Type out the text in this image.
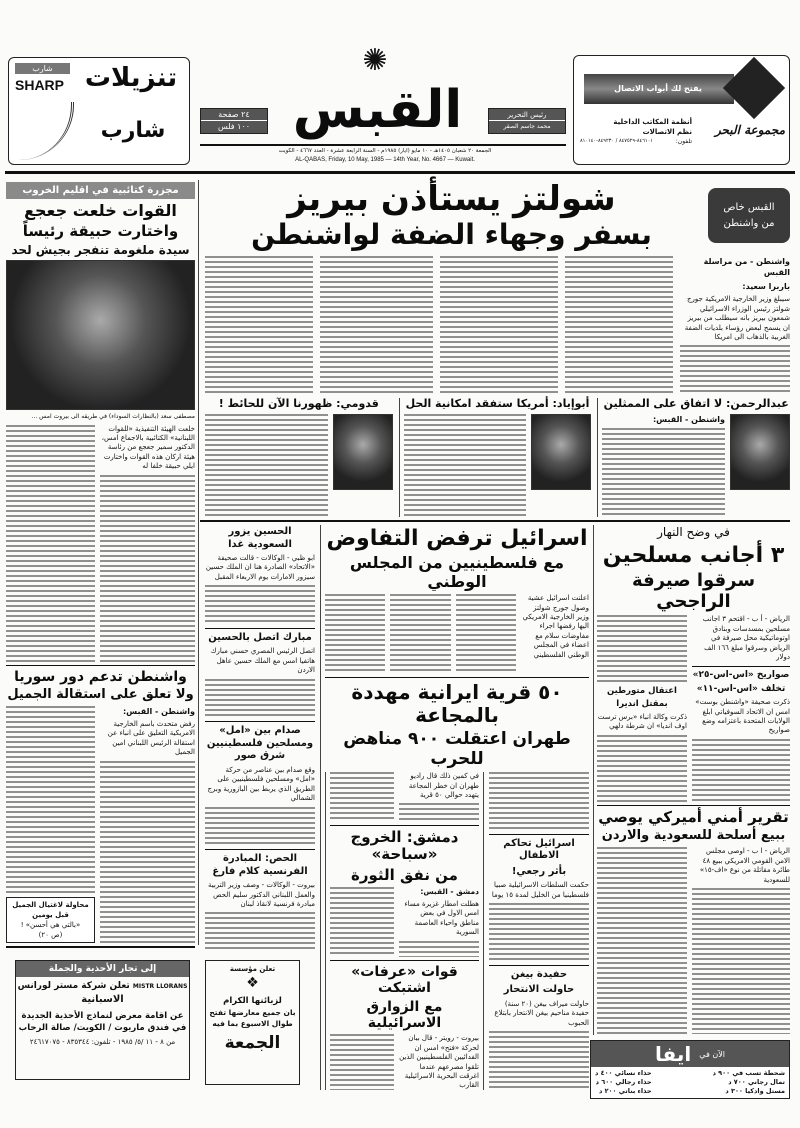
شارب
SHARP تنزيلات
شارب
٢٤ صفحة
١٠٠ فلس
✺
القبس	رئيس التحرير
محمد جاسم الصقر
الجمعة ٢٠ شعبان ١٤٠٥هـ - ١٠ مايو (ايار) ١٩٨٥م - السنة الرابعة عشرة - العدد ٤٦٦٧ - الكويت
AL-QABAS, Friday, 10 May, 1985 — 14th Year, No. 4667 — Kuwait.
يفتح لك أبواب الاتصال
مجموعة البحر
أنظمة المكاتب الداخلية
نظم الاتصالات
تلفون:
٨٤٦١٠١-٨٤٧٥٢٩ / ٨٤٩٢٣٠-٨١٠١٤٠
مجزرة كتائبية في اقليم الخروب
القوات خلعت جعجع
واختارت حبيقة رئيساً
سيدة ملغومة تنفجر بجيش لحد
مصطفى سعد (بالنظارات السوداء) في طريقه الى بيروت امس ...
خلعت الهيئة التنفيذية «للقوات اللبنانية» الكتائبية بالاجماع امس، الدكتور سمير جعجع من رئاسة هيئة اركان هذه القوات واختارت ايلي حبيقة خلفا له
واشنطن تدعم دور سوريا
ولا تعلق على استقالة الجميل
واشنطن - القبس:
رفض متحدث باسم الخارجية الامريكية التعليق على انباء عن استقالة الرئيس اللبناني امين الجميل
محاولة لاغتيال الجميل
قبل يومين
«بالتي هي أحسن» !
(ص ٢٠)
إلى تجار الأحذية والجملة
MISTR LLORANS تعلن شركة مستر لورانس
الاسبانية
عن اقامة معرض لنماذج الأحذية الجديدة
في فندق ماريوت / الكويت/ صالة الرحاب
من ٨ - ١١ /٥/ ١٩٨٥ - تلفون: ٨٣٥٣٤٤ - ٢٤٦١٧٠٧٥
القبس خاص
من واشنطن
شولتز يستأذن بيريز
بسفر وجهاء الضفة لواشنطن
واشنطن - من مراسلة القبس
باربرا سعيد:
سيبلغ وزير الخارجية الامريكية جورج شولتز رئيس الوزراء الاسرائيلي شمعون بيريز بانه سيطلب من بيريز ان يسمح لبعض رؤساء بلديات الضفة الغربية بالذهاب الى امريكا
عبدالرحمن: لا اتفاق على الممثلين
واشنطن - القبس:
أبوإياد: أمريكا ستفقد امكانية الحل
قدومي: ظهورنا الآن للحائط !
الحسين يزور السعودية غدا
ابو ظبي - الوكالات - قالت صحيفة «الاتحاد» الصادرة هنا ان الملك حسين سيزور الامارات يوم الاربعاء المقبل
مبارك اتصل بالحسين
اتصل الرئيس المصري حسني مبارك هاتفيا امس مع الملك حسين عاهل الاردن
صدام بين «امل» ومسلحين فلسطينيين شرق صور
وقع صدام بين عناصر من حركة «امل» ومسلحين فلسطينيين على الطريق الذي يربط بين البازورية وبرج الشمالي
الحص: المبادرة الفرنسية كلام فارغ
بيروت - الوكالات - وصف وزير التربية والعمل اللبناني الدكتور سليم الحص مبادرة فرنسية لانقاذ لبنان
تعلن مؤسسة
❖
لزبائنها الكرام
بان جميع معارضها تفتح
طوال الاسبوع بما فيه
الجمعة
اسرائيل ترفض التفاوض
مع فلسطينيين من المجلس الوطني
اعلنت اسرائيل عشية وصول جورج شولتز وزير الخارجية الامريكي اليها رفضها اجراء مفاوضات سلام مع اعضاء في المجلس الوطني الفلسطيني
٥٠ قرية ايرانية مهددة بالمجاعة
طهران اعتقلت ٩٠٠ مناهض للحرب
اسرائيل تحاكم الاطفال
بأثر رجعي!
حكمت السلطات الاسرائيلية صبيا فلسطينيا من الخليل لمدة ١٥ يوما
حفيدة بيغن
حاولت الانتحار
حاولت ميراف بيغن (٢٠ سنة) حفيدة مناحيم بيغن الانتحار بابتلاع الحبوب
في كمين ذلك قال راديو طهران ان خطر المجاعة يتهدد حوالي ٥٠ قرية
دمشق: الخروج «سباحة»
من نفق الثورة
دمشق - القبس:
هطلت امطار غزيرة مساء امس الاول في بعض مناطق واحياء العاصمة السورية
قوات «عرفات» اشتبكت
مع الزوارق الاسرائيلية
بيروت - رويتر - قال بيان لحركة «فتح» امس ان الفدائيين الفلسطينيين الذين تلقوا مصرعهم عندما اغرقت البحرية الاسرائيلية القارب
في وضح النهار
٣ أجانب مسلحين
سرقوا صيرفة الراجحي
الرياض - أ ب - اقتحم ٣ اجانب مسلحين بمسدسات وبنادق اوتوماتيكية محل صيرفة في الرياض وسرقوا مبلغ ١٦٦ الف دولار
صواريخ «اس-اس-٢٥»
تخلف «اس-اس-١١»
ذكرت صحيفة «واشنطن بوست» امس ان الاتحاد السوفياتي ابلغ الولايات المتحدة باعتزامه وضع صواريخ
اعتقال متورطين
بمقتل انديرا
ذكرت وكالة انباء «برس ترست اوف انديا» ان شرطة دلهي
تقرير أمني أميركي يوصي
ببيع أسلحة للسعودية والاردن
الرياض - ا ب - اوصى مجلس الامن القومي الامريكي ببيع ٤٨ طائرة مقاتلة من نوع «اف-١٥» للسعودية
الآن في
ايفا
شحطة تسب في ٩٠٠ د
تمال رجاني ٧٠٠ د
مستل وادكيا ٣٠٠ د
حذاء نسائي ٤٠٠ د
حذاء رجالي ٦٠٠ د
حذاء بناتي ٢٠٠ د
